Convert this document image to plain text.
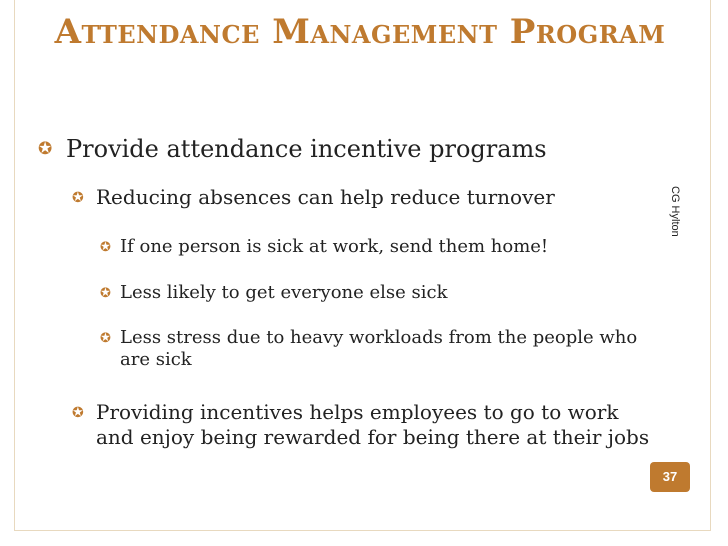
Attendance Management Program
CG Hylton
✪ Provide attendance incentive programs
✪ Reducing absences can help reduce turnover
✪ If one person is sick at work, send them home!
✪ Less likely to get everyone else sick
✪ Less stress due to heavy workloads from the people who are sick
✪ Providing incentives helps employees to go to work and enjoy being rewarded for being there at their jobs
37
